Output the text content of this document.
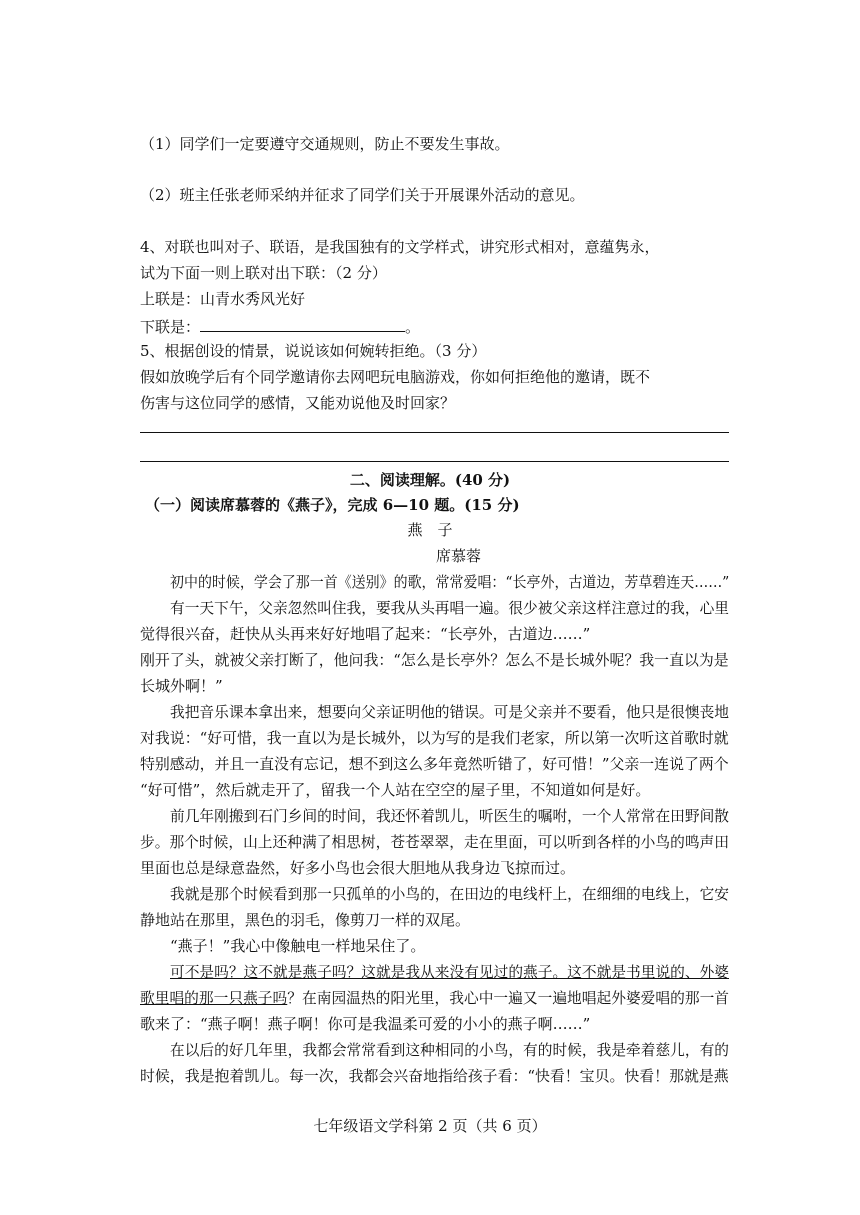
（1）同学们一定要遵守交通规则，防止不要发生事故。
（2）班主任张老师采纳并征求了同学们关于开展课外活动的意见。
4、对联也叫对子、联语，是我国独有的文学样式，讲究形式相对，意蕴隽永，
试为下面一则上联对出下联：（2 分）
上联是：山青水秀风光好
下联是：	。
5、根据创设的情景，说说该如何婉转拒绝。（3 分）
假如放晚学后有个同学邀请你去网吧玩电脑游戏，你如何拒绝他的邀请，既不
伤害与这位同学的感情，又能劝说他及时回家？
二、阅读理解。(40 分)
（一）阅读席慕蓉的《燕子》，完成 6—10 题。(15 分)
燕　子
席慕蓉
初中的时候，学会了那一首《送别》的歌，常常爱唱：“长亭外，古道边，芳草碧连天……”
有一天下午，父亲忽然叫住我，要我从头再唱一遍。很少被父亲这样注意过的我，心里
觉得很兴奋，赶快从头再来好好地唱了起来：“长亭外，古道边……”
刚开了头，就被父亲打断了，他问我：“怎么是长亭外？怎么不是长城外呢？我一直以为是
长城外啊！”
我把音乐课本拿出来，想要向父亲证明他的错误。可是父亲并不要看，他只是很懊丧地
对我说：“好可惜，我一直以为是长城外，以为写的是我们老家，所以第一次听这首歌时就
特别感动，并且一直没有忘记，想不到这么多年竟然听错了，好可惜！”父亲一连说了两个
“好可惜”，然后就走开了，留我一个人站在空空的屋子里，不知道如何是好。
前几年刚搬到石门乡间的时间，我还怀着凯儿，听医生的嘱咐，一个人常常在田野间散
步。那个时候，山上还种满了相思树，苍苍翠翠，走在里面，可以听到各样的小鸟的鸣声田
里面也总是绿意盎然，好多小鸟也会很大胆地从我身边飞掠而过。
我就是那个时候看到那一只孤单的小鸟的，在田边的电线杆上，在细细的电线上，它安
静地站在那里，黑色的羽毛，像剪刀一样的双尾。
“燕子！”我心中像触电一样地呆住了。
可不是吗？这不就是燕子吗？这就是我从来没有见过的燕子。这不就是书里说的、外婆
歌里唱的那一只燕子吗？在南园温热的阳光里，我心中一遍又一遍地唱起外婆爱唱的那一首
歌来了：“燕子啊！燕子啊！你可是我温柔可爱的小小的燕子啊……”
在以后的好几年里，我都会常常看到这种相同的小鸟，有的时候，我是牵着慈儿，有的
时候，我是抱着凯儿。每一次，我都会兴奋地指给孩子看：“快看！宝贝。快看！那就是燕
七年级语文学科第 2 页（共 6 页）
